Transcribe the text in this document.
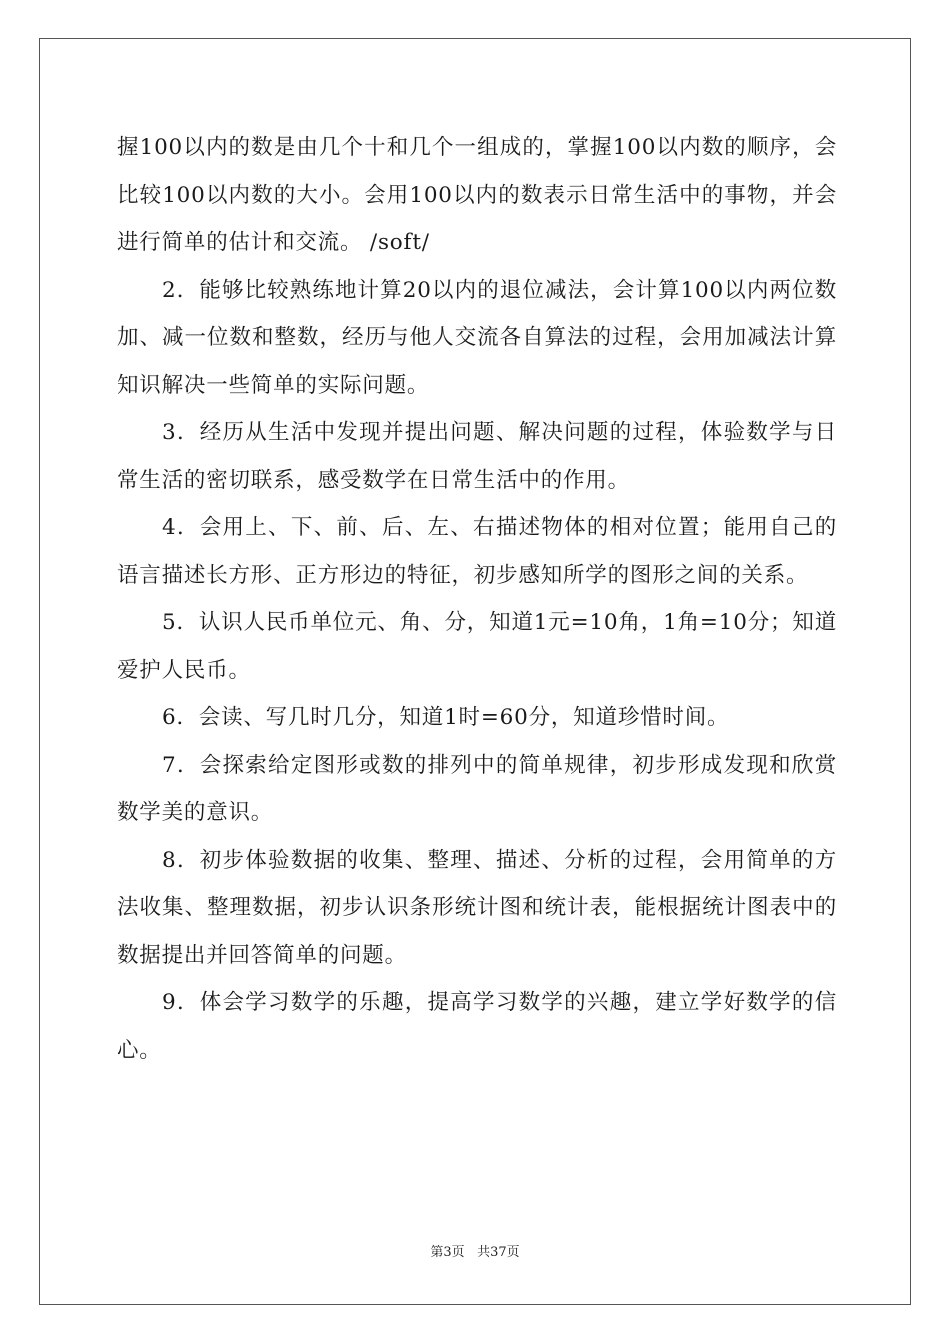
握100以内的数是由几个十和几个一组成的，掌握100以内数的顺序，会比较100以内数的大小。会用100以内的数表示日常生活中的事物，并会进行简单的估计和交流。 /soft/

2．能够比较熟练地计算20以内的退位减法，会计算100以内两位数加、减一位数和整数，经历与他人交流各自算法的过程，会用加减法计算知识解决一些简单的实际问题。

3．经历从生活中发现并提出问题、解决问题的过程，体验数学与日常生活的密切联系，感受数学在日常生活中的作用。

4．会用上、下、前、后、左、右描述物体的相对位置；能用自己的语言描述长方形、正方形边的特征，初步感知所学的图形之间的关系。

5．认识人民币单位元、角、分，知道1元=10角，1角=10分；知道爱护人民币。

6．会读、写几时几分，知道1时=60分，知道珍惜时间。

7．会探索给定图形或数的排列中的简单规律，初步形成发现和欣赏数学美的意识。

8．初步体验数据的收集、整理、描述、分析的过程，会用简单的方法收集、整理数据，初步认识条形统计图和统计表，能根据统计图表中的数据提出并回答简单的问题。

9．体会学习数学的乐趣，提高学习数学的兴趣，建立学好数学的信心。

第3页 共37页
